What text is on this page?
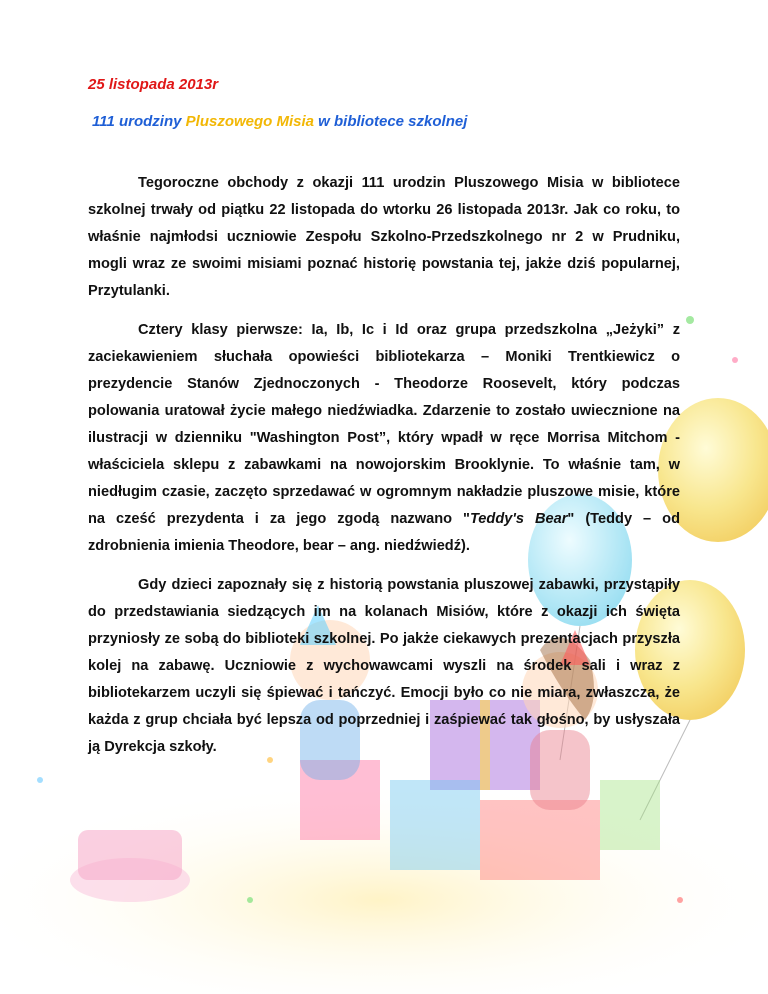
25 listopada 2013r

111 urodziny Pluszowego Misia w bibliotece szkolnej

Tegoroczne obchody z okazji 111 urodzin Pluszowego Misia w bibliotece szkolnej trwały od piątku 22 listopada do wtorku 26 listopada 2013r. Jak co roku, to właśnie najmłodsi uczniowie Zespołu Szkolno-Przedszkolnego nr 2 w Prudniku, mogli wraz ze swoimi misiami poznać historię powstania tej, jakże dziś popularnej, Przytulanki.

Cztery klasy pierwsze: Ia, Ib, Ic i Id oraz grupa przedszkolna „Jeżyki” z zaciekawieniem słuchała opowieści bibliotekarza – Moniki Trentkiewicz o prezydencie Stanów Zjednoczonych - Theodorze Roosevelt, który podczas polowania uratował życie małego niedźwiadka. Zdarzenie to zostało uwiecznione na ilustracji w dzienniku "Washington Post”, który wpadł w ręce Morrisa Mitchom - właściciela sklepu z zabawkami na nowojorskim Brooklynie. To właśnie tam, w niedługim czasie, zaczęto sprzedawać w ogromnym nakładzie pluszowe misie, które na cześć prezydenta i za jego zgodą nazwano "Teddy's Bear" (Teddy – od zdrobnienia imienia Theodore, bear – ang. niedźwiedź).

Gdy dzieci zapoznały się z historią powstania pluszowej zabawki, przystąpiły do przedstawiania siedzących im na kolanach Misiów, które z okazji ich święta przyniosły ze sobą do biblioteki szkolnej. Po jakże ciekawych prezentacjach przyszła kolej na zabawę. Uczniowie z wychowawcami wyszli na środek sali i wraz z bibliotekarzem uczyli się śpiewać i tańczyć. Emocji było co nie miara, zwłaszcza, że każda z grup chciała być lepsza od poprzedniej i zaśpiewać tak głośno, by usłyszała ją Dyrekcja szkoły.
